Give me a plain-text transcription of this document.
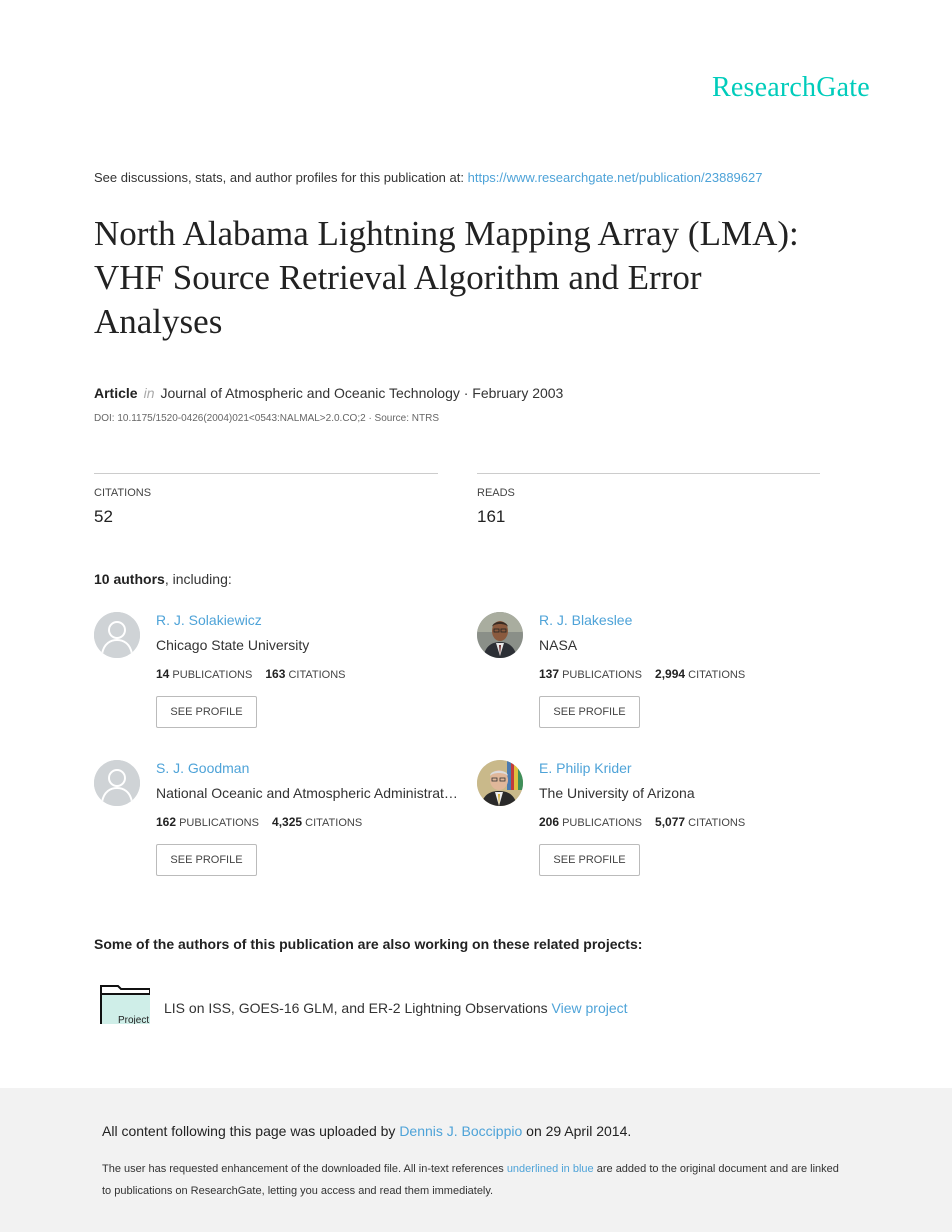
ResearchGate
See discussions, stats, and author profiles for this publication at: https://www.researchgate.net/publication/23889627
North Alabama Lightning Mapping Array (LMA):
VHF Source Retrieval Algorithm and Error
Analyses
Article in Journal of Atmospheric and Oceanic Technology · February 2003
DOI: 10.1175/1520-0426(2004)021<0543:NALMAL>2.0.CO;2 · Source: NTRS
CITATIONS
52
READS
161
10 authors, including:
R. J. Solakiewicz
Chicago State University
14 PUBLICATIONS 163 CITATIONS
SEE PROFILE
R. J. Blakeslee
NASA
137 PUBLICATIONS 2,994 CITATIONS
SEE PROFILE
S. J. Goodman
National Oceanic and Atmospheric Administrat…
162 PUBLICATIONS 4,325 CITATIONS
SEE PROFILE
E. Philip Krider
The University of Arizona
206 PUBLICATIONS 5,077 CITATIONS
SEE PROFILE
Some of the authors of this publication are also working on these related projects:
Project
LIS on ISS, GOES-16 GLM, and ER-2 Lightning Observations View project
All content following this page was uploaded by Dennis J. Boccippio on 29 April 2014.
The user has requested enhancement of the downloaded file. All in-text references underlined in blue are added to the original document and are linked to publications on ResearchGate, letting you access and read them immediately.
